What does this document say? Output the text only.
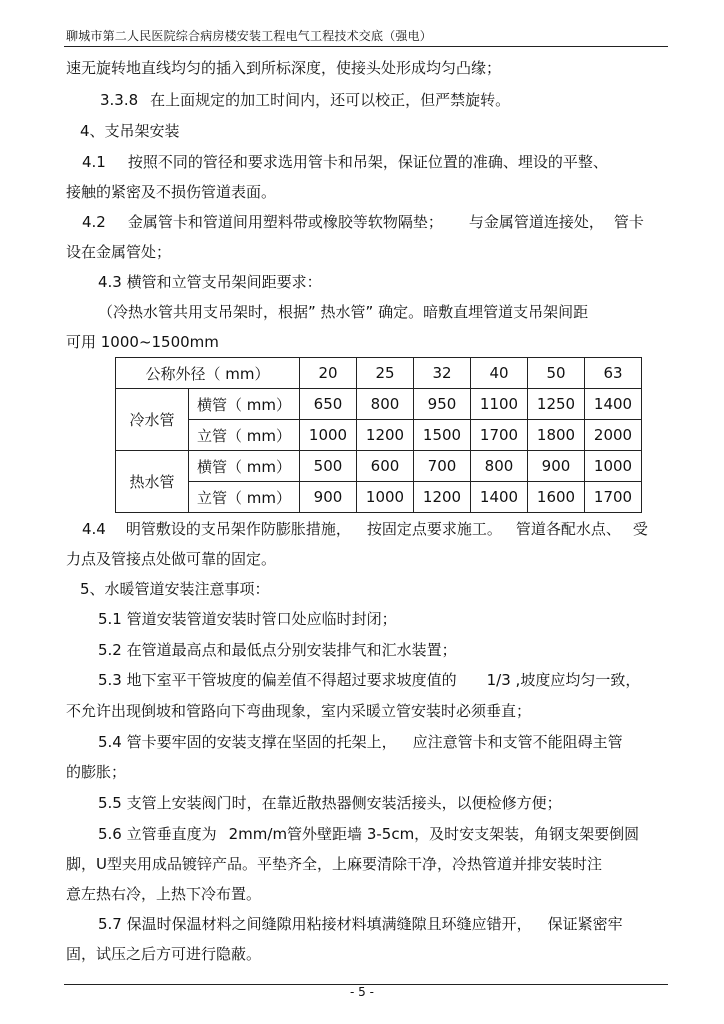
聊城市第二人民医院综合病房楼安装工程电气工程技术交底（强电）
速无旋转地直线均匀的插入到所标深度，使接头处形成均匀凸缘；
3.3.8 在上面规定的加工时间内，还可以校正，但严禁旋转。
4、支吊架安装
4.1 按照不同的管径和要求选用管卡和吊架，保证位置的准确、埋设的平整、
接触的紧密及不损伤管道表面。
4.2 金属管卡和管道间用塑料带或橡胶等软物隔垫； 与金属管道连接处， 管卡
设在金属管处；
4.3 横管和立管支吊架间距要求：
（冷热水管共用支吊架时，根据” 热水管” 确定。暗敷直埋管道支吊架间距
可用 1000~1500mm
公称外径（ mm）		20	25	32	40	50	63
冷水管	横管（ mm）	650	800	950	1100	1250	1400
	立管（ mm）	1000	1200	1500	1700	1800	2000
热水管	横管（ mm）	500	600	700	800	900	1000
	立管（ mm）	900	1000	1200	1400	1600	1700
4.4 明管敷设的支吊架作防膨胀措施， 按固定点要求施工。 管道各配水点、 受
力点及管接点处做可靠的固定。
5、水暖管道安装注意事项：
5.1 管道安装管道安装时管口处应临时封闭；
5.2 在管道最高点和最低点分别安装排气和汇水装置；
5.3 地下室平干管坡度的偏差值不得超过要求坡度值的 1/3 ,坡度应均匀一致，
不允许出现倒坡和管路向下弯曲现象，室内采暖立管安装时必须垂直；
5.4 管卡要牢固的安装支撑在坚固的托架上， 应注意管卡和支管不能阻碍主管
的膨胀；
5.5 支管上安装阀门时，在靠近散热器侧安装活接头，以便检修方便；
5.6 立管垂直度为 2mm/m管外壁距墙 3-5cm，及时安支架装，角钢支架要倒圆
脚，U型夹用成品镀锌产品。平垫齐全，上麻要清除干净，冷热管道并排安装时注
意左热右冷，上热下冷布置。
5.7 保温时保温材料之间缝隙用粘接材料填满缝隙且环缝应错开， 保证紧密牢
固，试压之后方可进行隐蔽。
- 5 -
